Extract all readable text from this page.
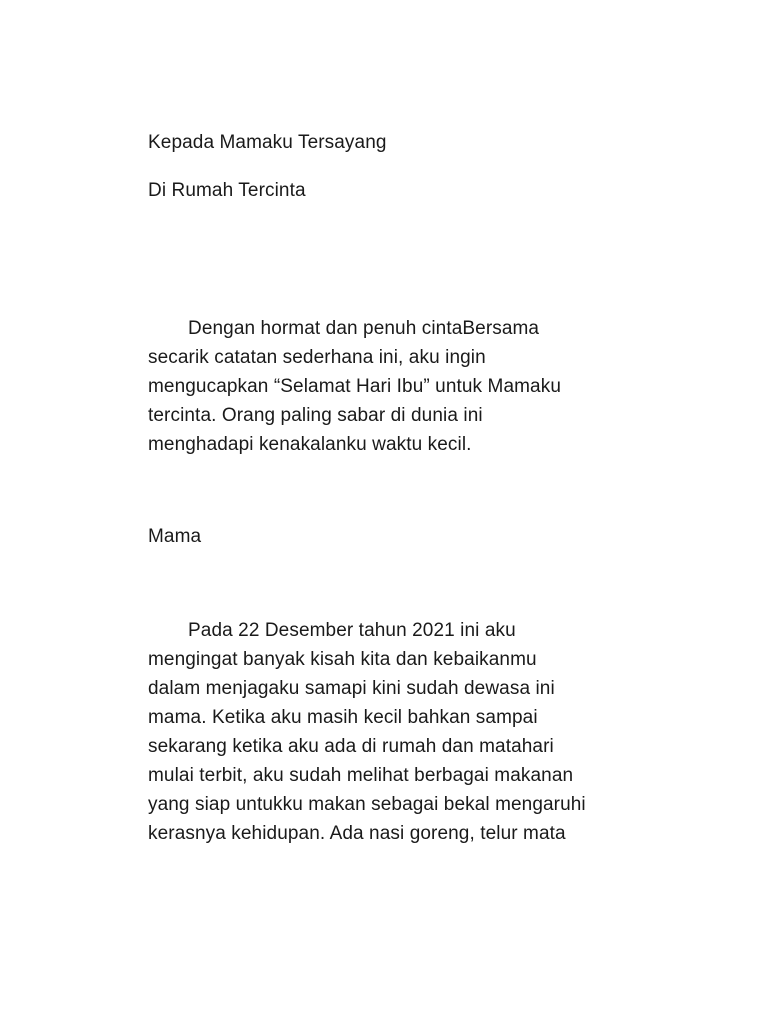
Kepada Mamaku Tersayang
Di Rumah Tercinta
Dengan hormat dan penuh cintaBersama
secarik catatan sederhana ini, aku ingin
mengucapkan “Selamat Hari Ibu” untuk Mamaku
tercinta. Orang paling sabar di dunia ini
menghadapi kenakalanku waktu kecil.
Mama
Pada 22 Desember tahun 2021 ini aku
mengingat banyak kisah kita dan kebaikanmu
dalam menjagaku samapi kini sudah dewasa ini
mama. Ketika aku masih kecil bahkan sampai
sekarang ketika aku ada di rumah dan matahari
mulai terbit, aku sudah melihat berbagai makanan
yang siap untukku makan sebagai bekal mengaruhi
kerasnya kehidupan. Ada nasi goreng, telur mata
